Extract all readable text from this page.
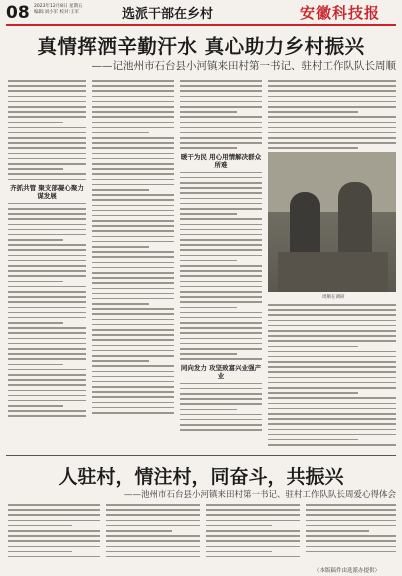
08 2023年12月8日 星期五
编辑:刘小军 校对:王军	选派干部在乡村	安徽科技报
真情挥洒辛勤汗水 真心助力乡村振兴
——记池州市石台县小河镇来田村第一书记、驻村工作队队长周顺
齐抓共管 聚支部凝心聚力谋发展
暖干为民 用心用情解决群众所难
同向发力 攻坚致富兴业强产业
周顺在调研
人驻村，情注村，同奋斗，共振兴
——池州市石台县小河镇来田村第一书记、驻村工作队队长周爱心得体会
（本版稿件由选派办提供）
